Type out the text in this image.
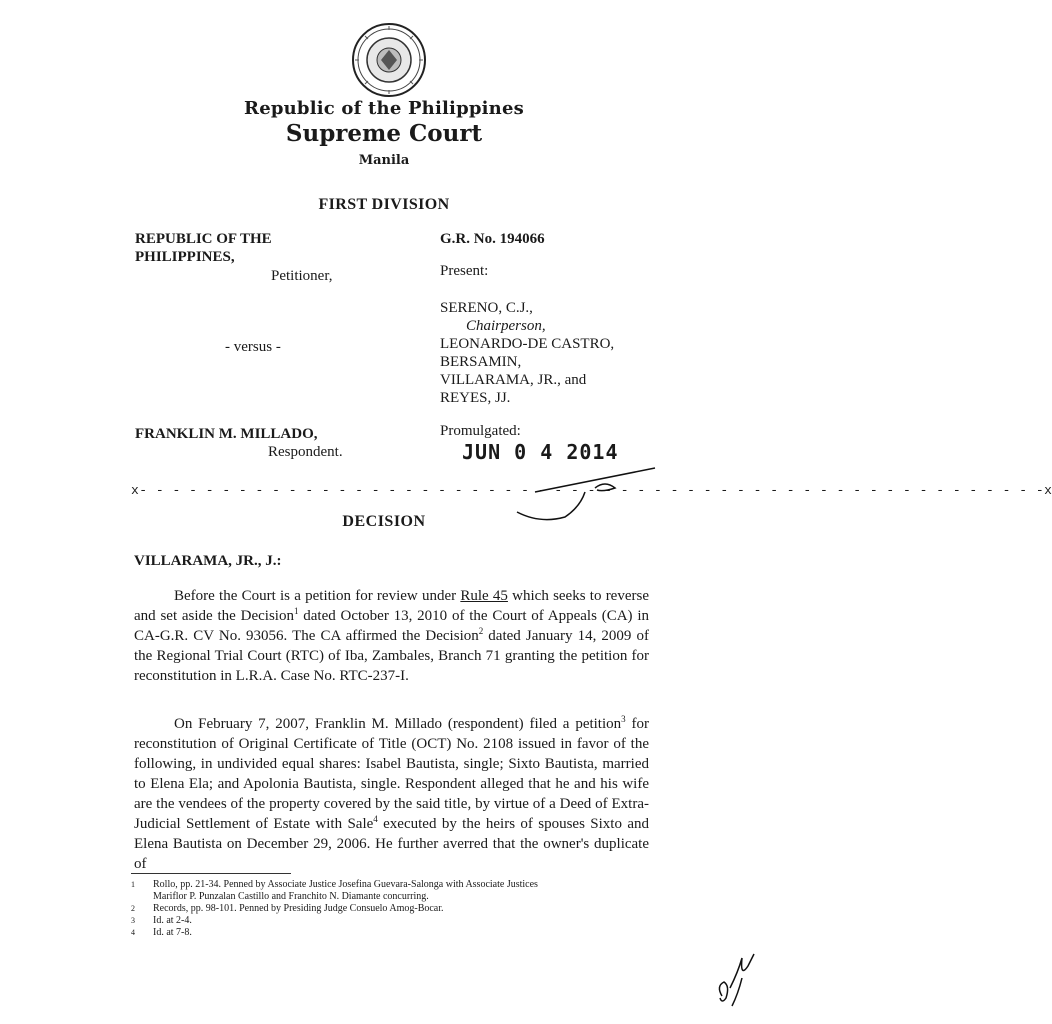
Republic of the Philippines
Supreme Court
Manila
FIRST DIVISION
REPUBLIC OF THE
PHILIPPINES,
Petitioner,
- versus -
FRANKLIN M. MILLADO,
Respondent.
G.R. No. 194066
Present:
SERENO, C.J.,
Chairperson,
LEONARDO-DE CASTRO,
BERSAMIN,
VILLARAMA, JR., and
REYES, JJ.
Promulgated:
JUN 0 4 2014
x- - - - - - - - - - - - - - - - - - - - - - - - - - - - - - - - - - - - - - - - - - - - - - - - - - - - - - -x
DECISION
VILLARAMA, JR., J.:
Before the Court is a petition for review under Rule 45 which seeks to reverse and set aside the Decision$^1$ dated October 13, 2010 of the Court of Appeals (CA) in CA-G.R. CV No. 93056. The CA affirmed the Decision$^2$ dated January 14, 2009 of the Regional Trial Court (RTC) of Iba, Zambales, Branch 71 granting the petition for reconstitution in L.R.A. Case No. RTC-237-I.
On February 7, 2007, Franklin M. Millado (respondent) filed a petition$^3$ for reconstitution of Original Certificate of Title (OCT) No. 2108 issued in favor of the following, in undivided equal shares: Isabel Bautista, single; Sixto Bautista, married to Elena Ela; and Apolonia Bautista, single. Respondent alleged that he and his wife are the vendees of the property covered by the said title, by virtue of a Deed of Extra-Judicial Settlement of Estate with Sale$^4$ executed by the heirs of spouses Sixto and Elena Bautista on December 29, 2006. He further averred that the owner's duplicate of
1 Rollo, pp. 21-34. Penned by Associate Justice Josefina Guevara-Salonga with Associate Justices
Mariflor P. Punzalan Castillo and Franchito N. Diamante concurring.
2 Records, pp. 98-101. Penned by Presiding Judge Consuelo Amog-Bocar.
3 Id. at 2-4.
4 Id. at 7-8.
